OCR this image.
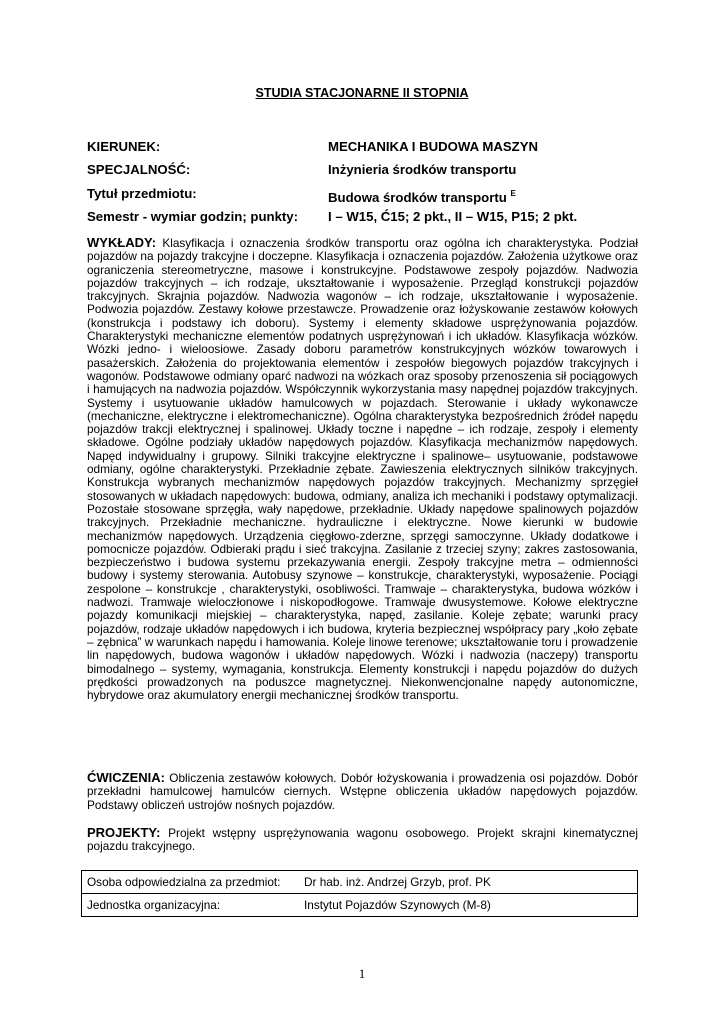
STUDIA STACJONARNE II STOPNIA
KIERUNEK:	MECHANIKA I BUDOWA MASZYN
SPECJALNOŚĆ:	Inżynieria środków transportu
Tytuł przedmiotu:	Budowa środków transportu $^E$
Semestr - wymiar godzin; punkty:	I – W15, Ć15; 2 pkt., II – W15, P15; 2 pkt.
WYKŁADY: Klasyfikacja i oznaczenia środków transportu oraz ogólna ich charakterystyka. Podział pojazdów na pojazdy trakcyjne i doczepne. Klasyfikacja i oznaczenia pojazdów. Założenia użytkowe oraz ograniczenia stereometryczne, masowe i konstrukcyjne. Podstawowe zespoły pojazdów. Nadwozia pojazdów trakcyjnych – ich rodzaje, ukształtowanie i wyposażenie. Przegląd konstrukcji pojazdów trakcyjnych. Skrajnia pojazdów. Nadwozia wagonów – ich rodzaje, ukształtowanie i wyposażenie. Podwozia pojazdów. Zestawy kołowe przestawcze. Prowadzenie oraz łożyskowanie zestawów kołowych (konstrukcja i podstawy ich doboru). Systemy i elementy składowe usprężynowania pojazdów. Charakterystyki mechaniczne elementów podatnych usprężynowań i ich układów. Klasyfikacja wózków. Wózki jedno- i wieloosiowe. Zasady doboru parametrów konstrukcyjnych wózków towarowych i pasażerskich. Założenia do projektowania elementów i zespołów biegowych pojazdów trakcyjnych i wagonów. Podstawowe odmiany oparć nadwozi na wózkach oraz sposoby przenoszenia sił pociągowych i hamujących na nadwozia pojazdów. Współczynnik wykorzystania masy napędnej pojazdów trakcyjnych. Systemy i usytuowanie układów hamulcowych w pojazdach. Sterowanie i układy wykonawcze (mechaniczne, elektryczne i elektromechaniczne). Ogólna charakterystyka bezpośrednich źródeł napędu pojazdów trakcji elektrycznej i spalinowej. Układy toczne i napędne – ich rodzaje, zespoły i elementy składowe. Ogólne podziały układów napędowych pojazdów. Klasyfikacja mechanizmów napędowych. Napęd indywidualny i grupowy. Silniki trakcyjne elektryczne i spalinowe– usytuowanie, podstawowe odmiany, ogólne charakterystyki. Przekładnie zębate. Zawieszenia elektrycznych silników trakcyjnych. Konstrukcja wybranych mechanizmów napędowych pojazdów trakcyjnych. Mechanizmy sprzęgieł stosowanych w układach napędowych: budowa, odmiany, analiza ich mechaniki i podstawy optymalizacji. Pozostałe stosowane sprzęgła, wały napędowe, przekładnie. Układy napędowe spalinowych pojazdów trakcyjnych. Przekładnie mechaniczne. hydrauliczne i elektryczne. Nowe kierunki w budowie mechanizmów napędowych. Urządzenia cięgłowo-zderzne, sprzęgi samoczynne. Układy dodatkowe i pomocnicze pojazdów. Odbieraki prądu i sieć trakcyjna. Zasilanie z trzeciej szyny; zakres zastosowania, bezpieczeństwo i budowa systemu przekazywania energii. Zespoły trakcyjne metra – odmienności budowy i systemy sterowania. Autobusy szynowe – konstrukcje, charakterystyki, wyposażenie. Pociągi zespolone – konstrukcje , charakterystyki, osobliwości. Tramwaje – charakterystyka, budowa wózków i nadwozi. Tramwaje wieloczłonowe i niskopodłogowe. Tramwaje dwusystemowe. Kołowe elektryczne pojazdy komunikacji miejskiej – charakterystyka, napęd, zasilanie. Koleje zębate; warunki pracy pojazdów, rodzaje układów napędowych i ich budowa, kryteria bezpiecznej współpracy pary „koło zębate – zębnica” w warunkach napędu i hamowania. Koleje linowe terenowe; ukształtowanie toru i prowadzenie lin napędowych, budowa wagonów i układów napędowych. Wózki i nadwozia (naczepy) transportu bimodalnego – systemy, wymagania, konstrukcja. Elementy konstrukcji i napędu pojazdów do dużych prędkości prowadzonych na poduszce magnetycznej. Niekonwencjonalne napędy autonomiczne, hybrydowe oraz akumulatory energii mechanicznej środków transportu.
ĆWICZENIA: Obliczenia zestawów kołowych. Dobór łożyskowania i prowadzenia osi pojazdów. Dobór przekładni hamulcowej hamulców ciernych. Wstępne obliczenia układów napędowych pojazdów. Podstawy obliczeń ustrojów nośnych pojazdów.
PROJEKTY: Projekt wstępny usprężynowania wagonu osobowego. Projekt skrajni kinematycznej pojazdu trakcyjnego.
Osoba odpowiedzialna za przedmiot: Dr hab. inż. Andrzej Grzyb, prof. PK
Jednostka organizacyjna:	Instytut Pojazdów Szynowych (M-8)
1
